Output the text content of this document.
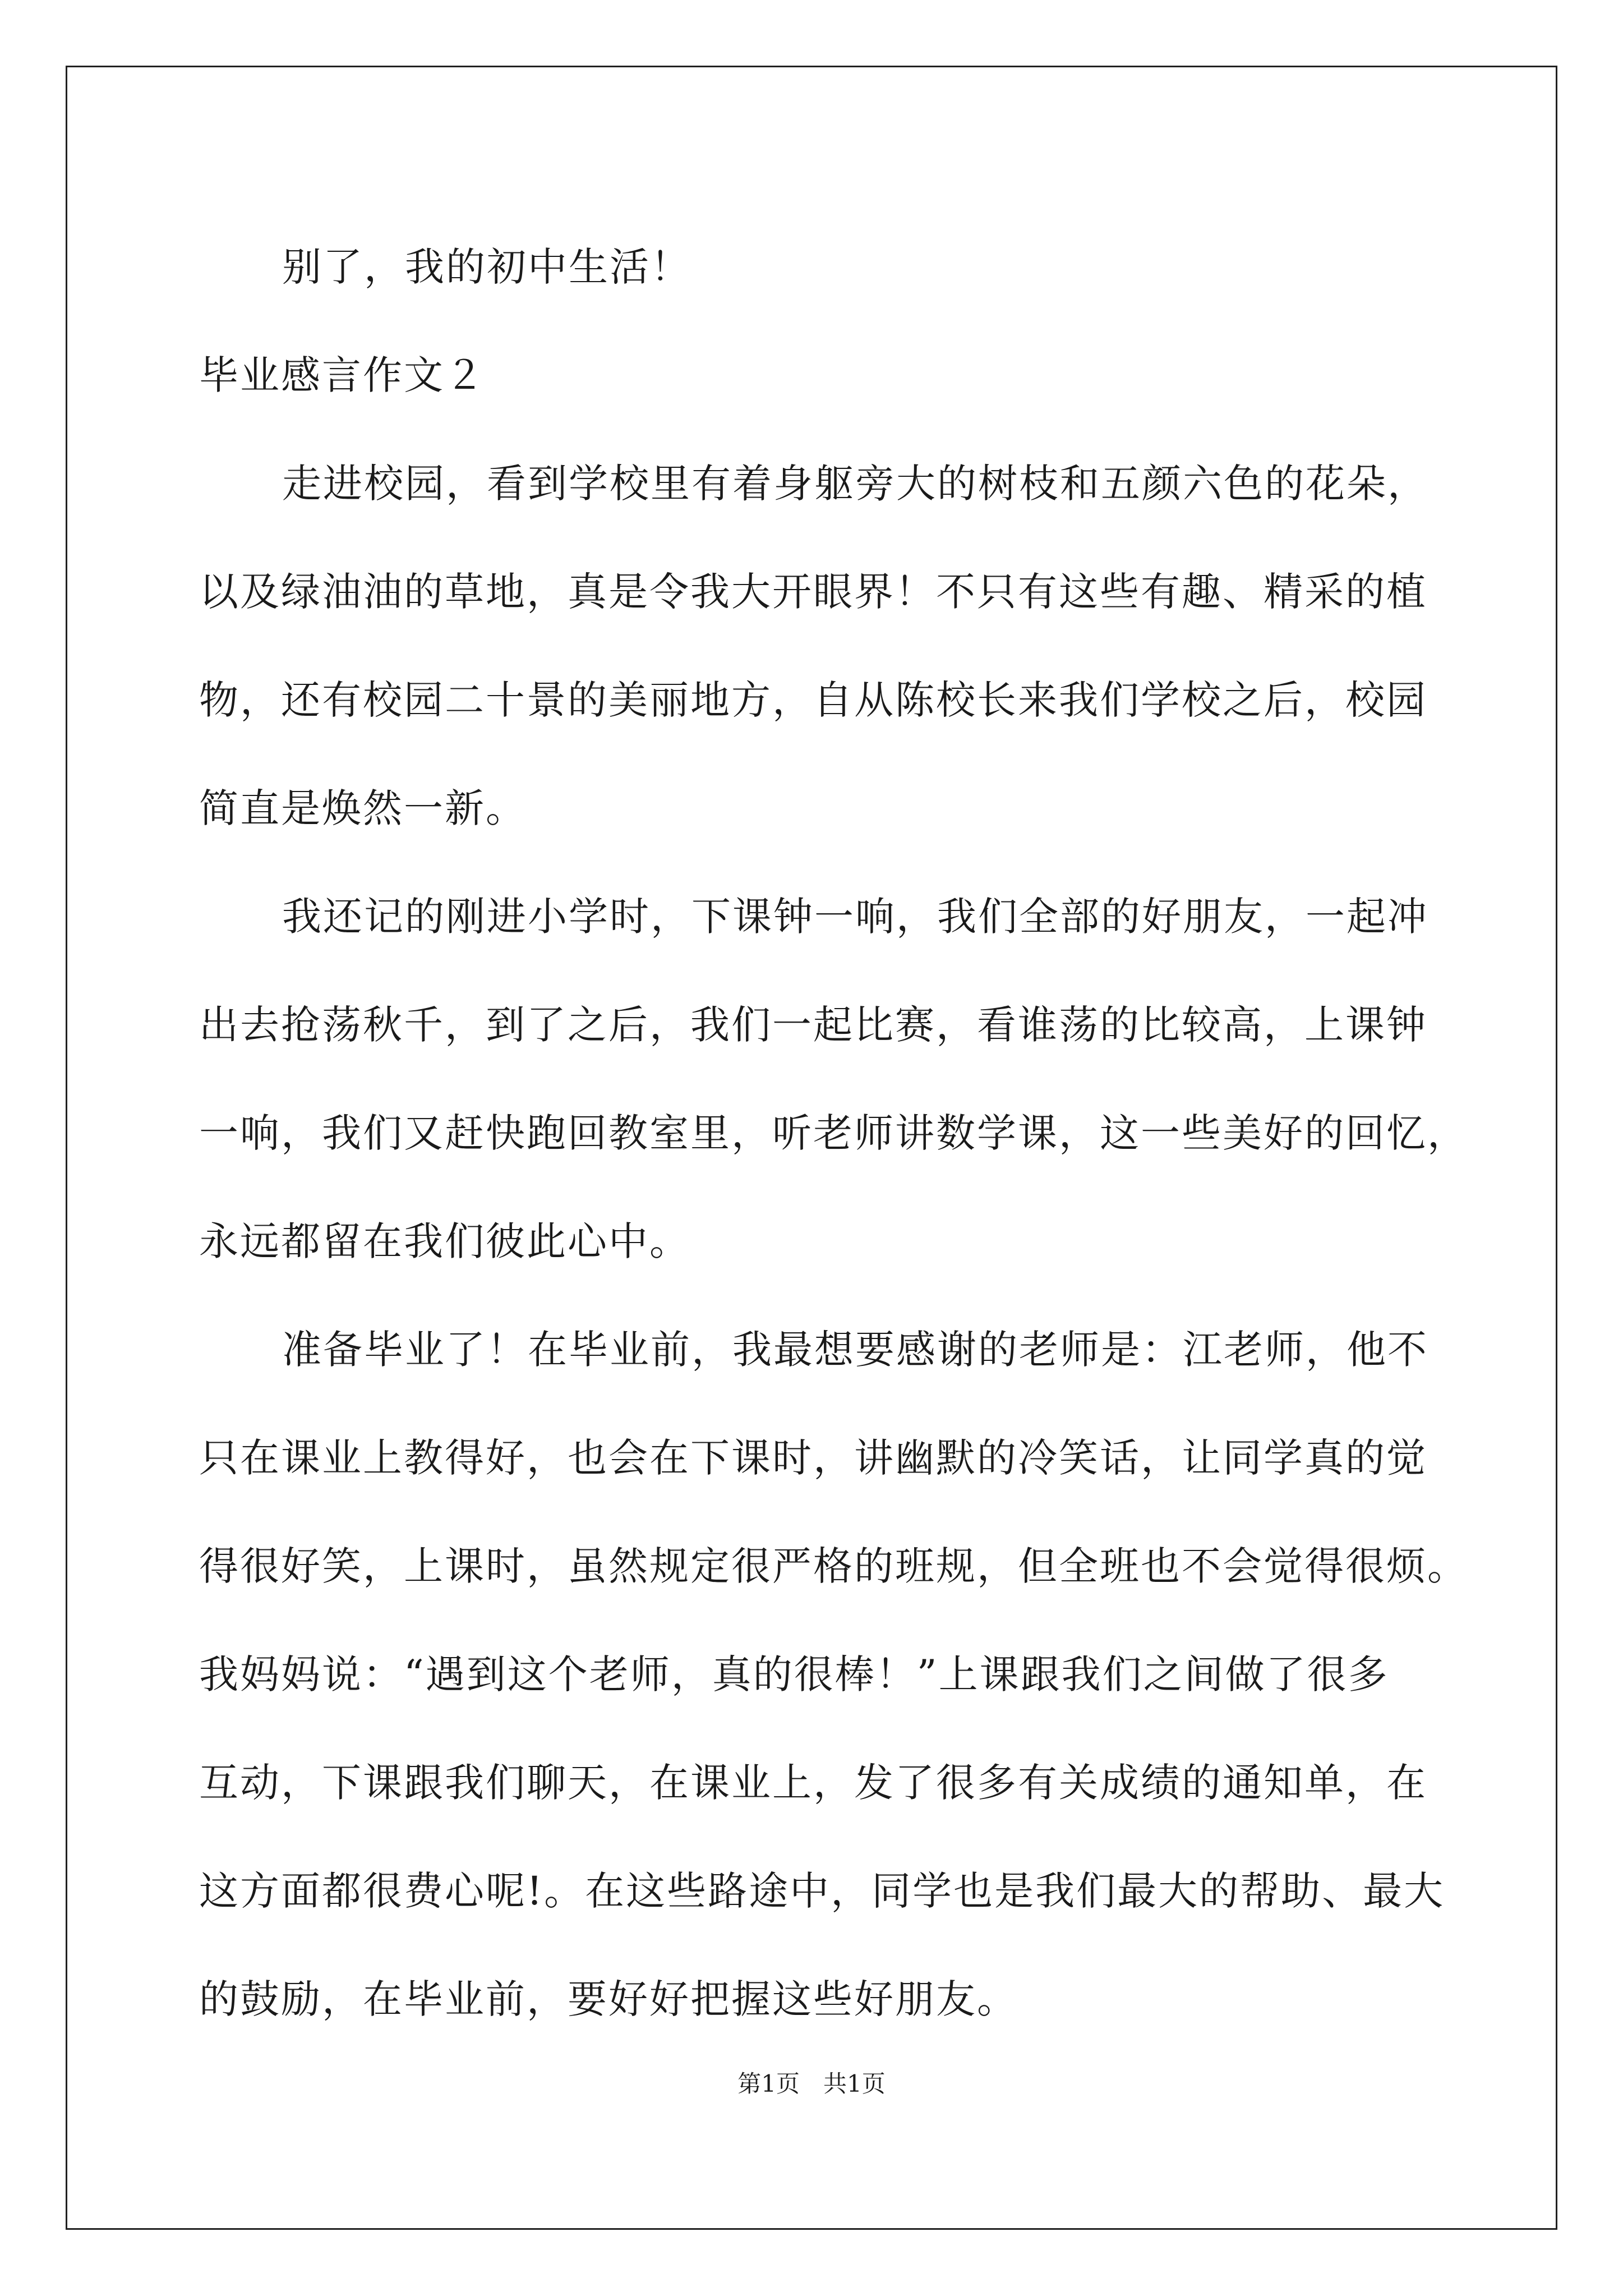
别了，我的初中生活！
毕业感言作文２
走进校园，看到学校里有着身躯旁大的树枝和五颜六色的花朵，
以及绿油油的草地，真是令我大开眼界！不只有这些有趣、精采的植
物，还有校园二十景的美丽地方，自从陈校长来我们学校之后，校园
简直是焕然一新。
我还记的刚进小学时，下课钟一响，我们全部的好朋友，一起冲
出去抢荡秋千，到了之后，我们一起比赛，看谁荡的比较高，上课钟
一响，我们又赶快跑回教室里，听老师讲数学课，这一些美好的回忆，
永远都留在我们彼此心中。
准备毕业了！在毕业前，我最想要感谢的老师是：江老师，他不
只在课业上教得好，也会在下课时，讲幽默的冷笑话，让同学真的觉
得很好笑，上课时，虽然规定很严格的班规，但全班也不会觉得很烦。
我妈妈说：“遇到这个老师，真的很棒！”上课跟我们之间做了很多
互动，下课跟我们聊天，在课业上，发了很多有关成绩的通知单，在
这方面都很费心呢!。在这些路途中，同学也是我们最大的帮助、最大
的鼓励，在毕业前，要好好把握这些好朋友。
第1页　共1页
